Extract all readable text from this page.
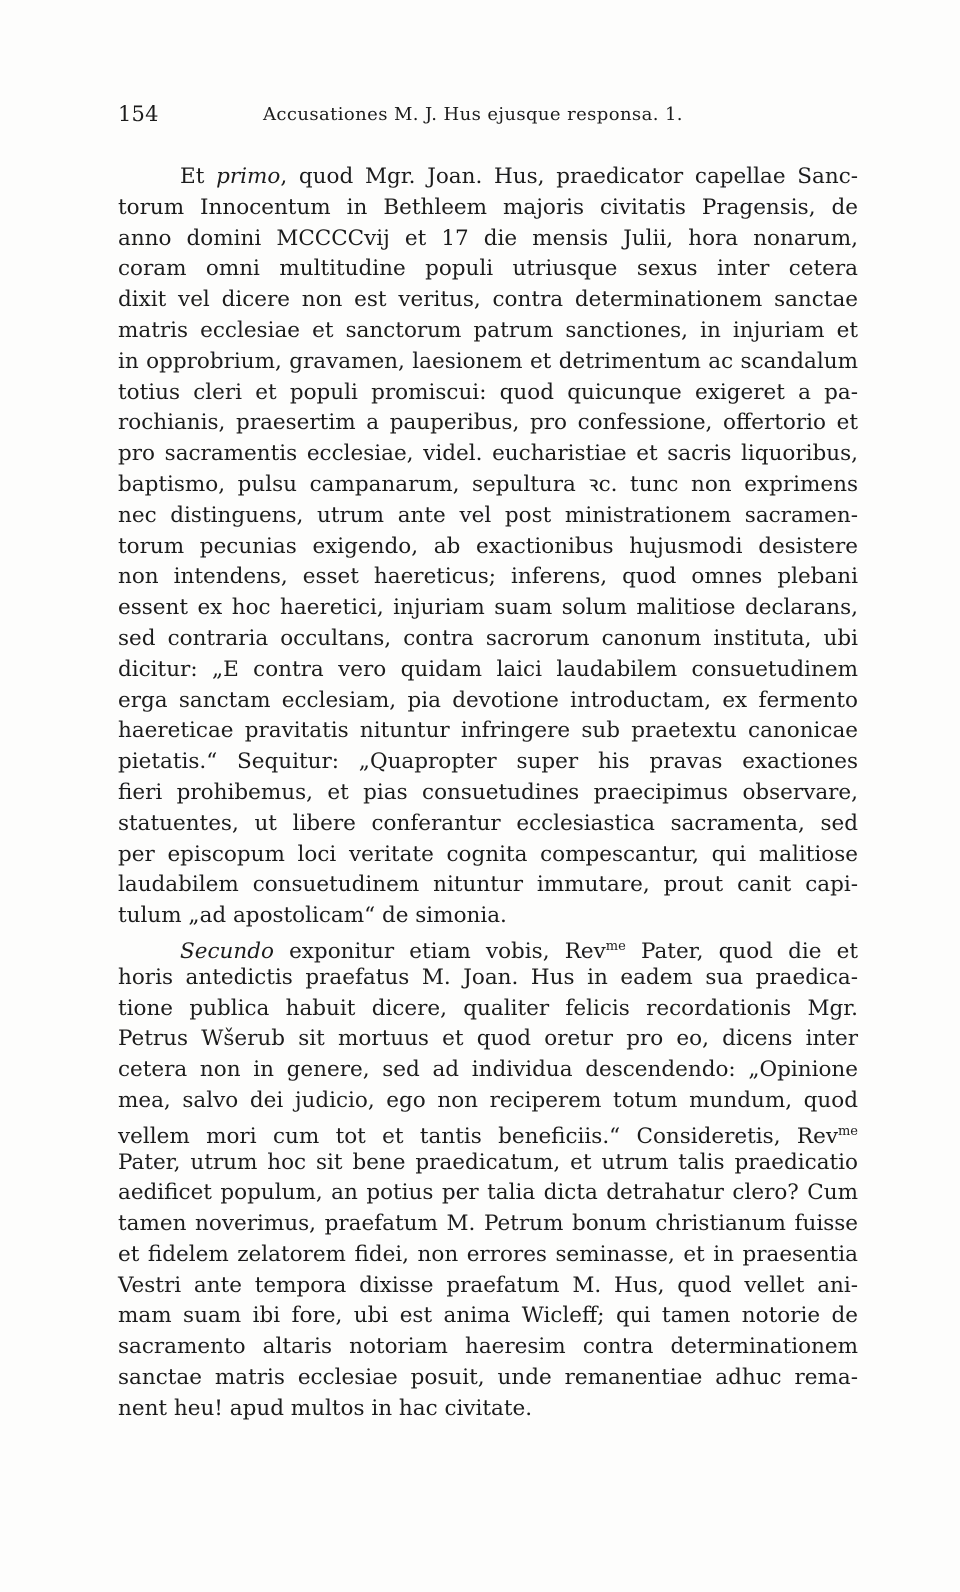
154	Accusationes M. J. Hus ejusque responsa. 1.
Et primo, quod Mgr. Joan. Hus, praedicator capellae Sanc-
torum Innocentum in Bethleem majoris civitatis Pragensis, de
anno domini MCCCCvij et 17 die mensis Julii, hora nonarum,
coram omni multitudine populi utriusque sexus inter cetera
dixit vel dicere non est veritus, contra determinationem sanctae
matris ecclesiae et sanctorum patrum sanctiones, in injuriam et
in opprobrium, gravamen, laesionem et detrimentum ac scandalum
totius cleri et populi promiscui: quod quicunque exigeret a pa-
rochianis, praesertim a pauperibus, pro confessione, offertorio et
pro sacramentis ecclesiae, videl. eucharistiae et sacris liquoribus,
baptismo, pulsu campanarum, sepultura ꝛc. tunc non exprimens
nec distinguens, utrum ante vel post ministrationem sacramen-
torum pecunias exigendo, ab exactionibus hujusmodi desistere
non intendens, esset haereticus; inferens, quod omnes plebani
essent ex hoc haeretici, injuriam suam solum malitiose declarans,
sed contraria occultans, contra sacrorum canonum instituta, ubi
dicitur: „E contra vero quidam laici laudabilem consuetudinem
erga sanctam ecclesiam, pia devotione introductam, ex fermento
haereticae pravitatis nituntur infringere sub praetextu canonicae
pietatis.“ Sequitur: „Quapropter super his pravas exactiones
fieri prohibemus, et pias consuetudines praecipimus observare,
statuentes, ut libere conferantur ecclesiastica sacramenta, sed
per episcopum loci veritate cognita compescantur, qui malitiose
laudabilem consuetudinem nituntur immutare, prout canit capi-
tulum „ad apostolicam“ de simonia.
Secundo exponitur etiam vobis, Rev$^{me}$ Pater, quod die et
horis antedictis praefatus M. Joan. Hus in eadem sua praedica-
tione publica habuit dicere, qualiter felicis recordationis Mgr.
Petrus Wšerub sit mortuus et quod oretur pro eo, dicens inter
cetera non in genere, sed ad individua descendendo: „Opinione
mea, salvo dei judicio, ego non reciperem totum mundum, quod
vellem mori cum tot et tantis beneficiis.“ Consideretis, Rev$^{me}$
Pater, utrum hoc sit bene praedicatum, et utrum talis praedicatio
aedificet populum, an potius per talia dicta detrahatur clero? Cum
tamen noverimus, praefatum M. Petrum bonum christianum fuisse
et fidelem zelatorem fidei, non errores seminasse, et in praesentia
Vestri ante tempora dixisse praefatum M. Hus, quod vellet ani-
mam suam ibi fore, ubi est anima Wicleff; qui tamen notorie de
sacramento altaris notoriam haeresim contra determinationem
sanctae matris ecclesiae posuit, unde remanentiae adhuc rema-
nent heu! apud multos in hac civitate.
